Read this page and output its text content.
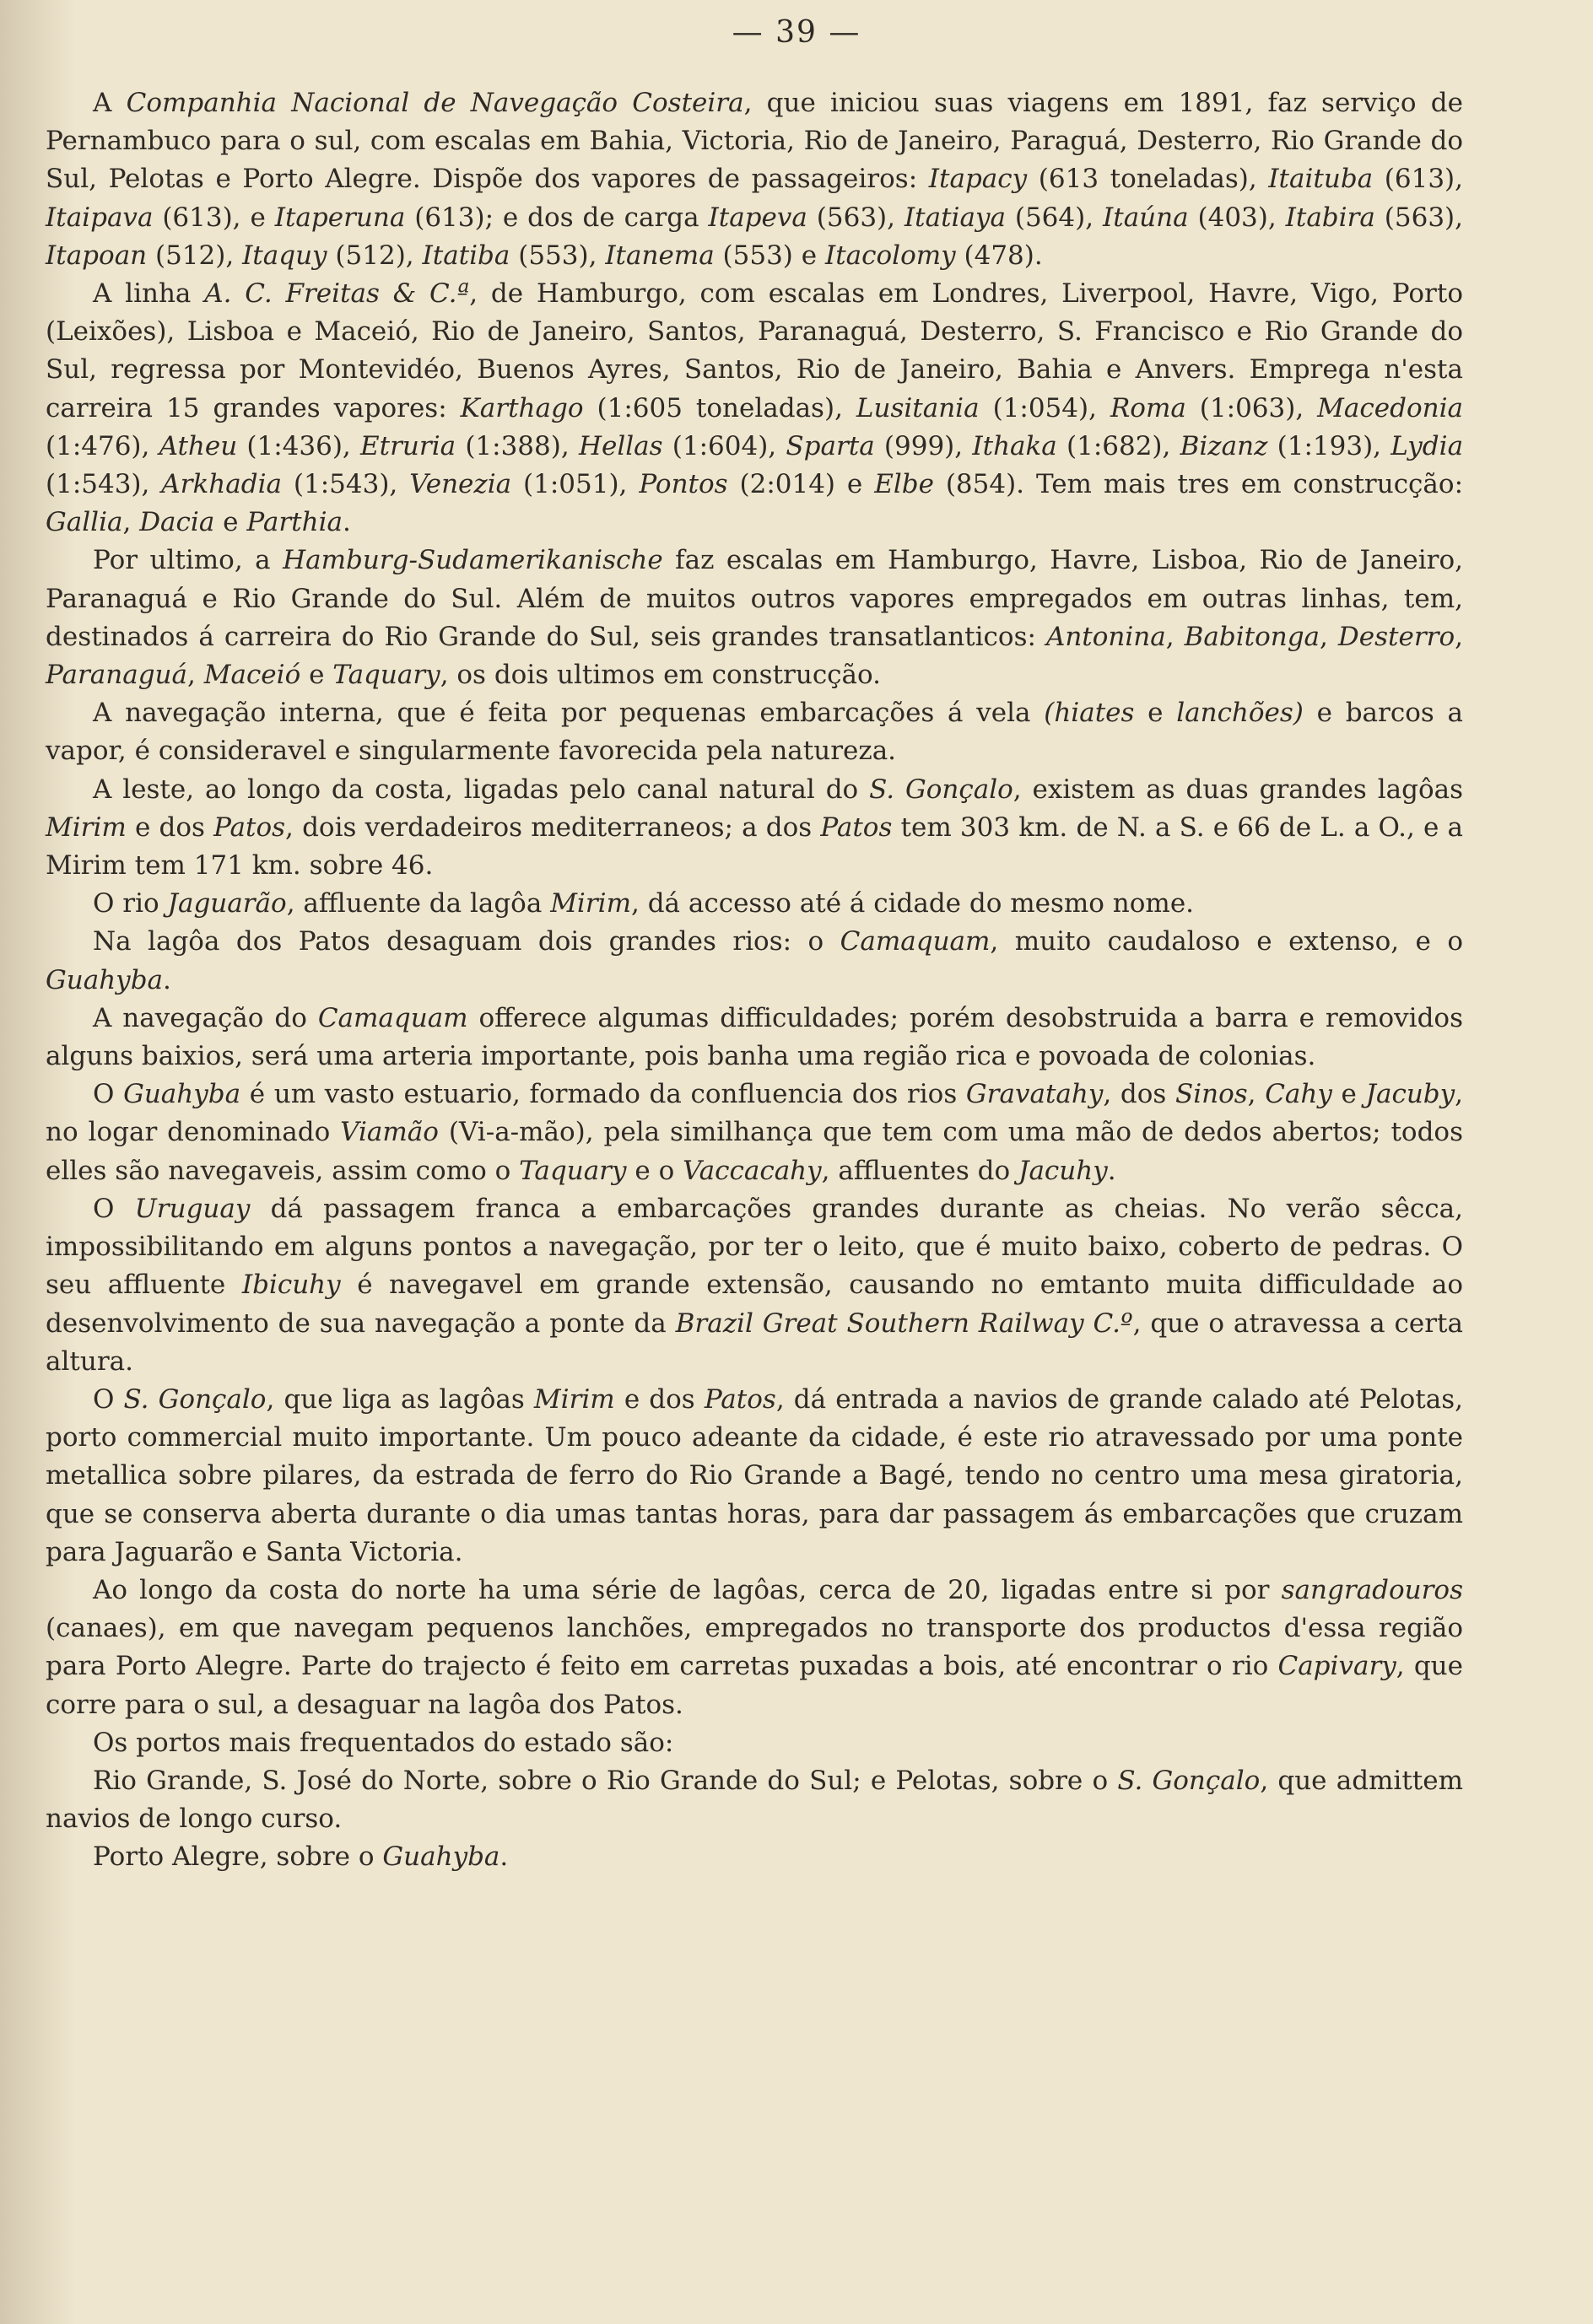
— 39 —

A Companhia Nacional de Navegação Costeira, que iniciou suas viagens em 1891, faz serviço de Pernambuco para o sul, com escalas em Bahia, Victoria, Rio de Janeiro, Paraguá, Desterro, Rio Grande do Sul, Pelotas e Porto Alegre. Dispõe dos vapores de passageiros: Itapacy (613 toneladas), Itaituba (613), Itaipava (613), e Itaperuna (613); e dos de carga Itapeva (563), Itatiaya (564), Itaúna (403), Itabira (563), Itapoan (512), Itaquy (512), Itatiba (553), Itanema (553) e Itacolomy (478).

A linha A. C. Freitas & C.ª, de Hamburgo, com escalas em Londres, Liverpool, Havre, Vigo, Porto (Leixões), Lisboa e Maceió, Rio de Janeiro, Santos, Paranaguá, Desterro, S. Francisco e Rio Grande do Sul, regressa por Montevidéo, Buenos Ayres, Santos, Rio de Janeiro, Bahia e Anvers. Emprega n'esta carreira 15 grandes vapores: Karthago (1:605 toneladas), Lusitania (1:054), Roma (1:063), Macedonia (1:476), Atheu (1:436), Etruria (1:388), Hellas (1:604), Sparta (999), Ithaka (1:682), Bizanz (1:193), Lydia (1:543), Arkhadia (1:543), Venezia (1:051), Pontos (2:014) e Elbe (854). Tem mais tres em construcção: Gallia, Dacia e Parthia.

Por ultimo, a Hamburg-Sudamerikanische faz escalas em Hamburgo, Havre, Lisboa, Rio de Janeiro, Paranaguá e Rio Grande do Sul. Além de muitos outros vapores empregados em outras linhas, tem, destinados á carreira do Rio Grande do Sul, seis grandes transatlanticos: Antonina, Babitonga, Desterro, Paranaguá, Maceió e Taquary, os dois ultimos em construcção.

A navegação interna, que é feita por pequenas embarcações á vela (hiates e lanchões) e barcos a vapor, é consideravel e singularmente favorecida pela natureza.

A leste, ao longo da costa, ligadas pelo canal natural do S. Gonçalo, existem as duas grandes lagôas Mirim e dos Patos, dois verdadeiros mediterraneos; a dos Patos tem 303 km. de N. a S. e 66 de L. a O., e a Mirim tem 171 km. sobre 46.

O rio Jaguarão, affluente da lagôa Mirim, dá accesso até á cidade do mesmo nome.

Na lagôa dos Patos desaguam dois grandes rios: o Camaquam, muito caudaloso e extenso, e o Guahyba.

A navegação do Camaquam offerece algumas difficuldades; porém desobstruida a barra e removidos alguns baixios, será uma arteria importante, pois banha uma região rica e povoada de colonias.

O Guahyba é um vasto estuario, formado da confluencia dos rios Gravatahy, dos Sinos, Cahy e Jacuby, no logar denominado Viamão (Vi-a-mão), pela similhança que tem com uma mão de dedos abertos; todos elles são navegaveis, assim como o Taquary e o Vaccacahy, affluentes do Jacuhy.

O Uruguay dá passagem franca a embarcações grandes durante as cheias. No verão sêcca, impossibilitando em alguns pontos a navegação, por ter o leito, que é muito baixo, coberto de pedras. O seu affluente Ibicuhy é navegavel em grande extensão, causando no emtanto muita difficuldade ao desenvolvimento de sua navegação a ponte da Brazil Great Southern Railway C.º, que o atravessa a certa altura.

O S. Gonçalo, que liga as lagôas Mirim e dos Patos, dá entrada a navios de grande calado até Pelotas, porto commercial muito importante. Um pouco adeante da cidade, é este rio atravessado por uma ponte metallica sobre pilares, da estrada de ferro do Rio Grande a Bagé, tendo no centro uma mesa giratoria, que se conserva aberta durante o dia umas tantas horas, para dar passagem ás embarcações que cruzam para Jaguarão e Santa Victoria.

Ao longo da costa do norte ha uma série de lagôas, cerca de 20, ligadas entre si por sangradouros (canaes), em que navegam pequenos lanchões, empregados no transporte dos productos d'essa região para Porto Alegre. Parte do trajecto é feito em carretas puxadas a bois, até encontrar o rio Capivary, que corre para o sul, a desaguar na lagôa dos Patos.

Os portos mais frequentados do estado são:

Rio Grande, S. José do Norte, sobre o Rio Grande do Sul; e Pelotas, sobre o S. Gonçalo, que admittem navios de longo curso.

Porto Alegre, sobre o Guahyba.
